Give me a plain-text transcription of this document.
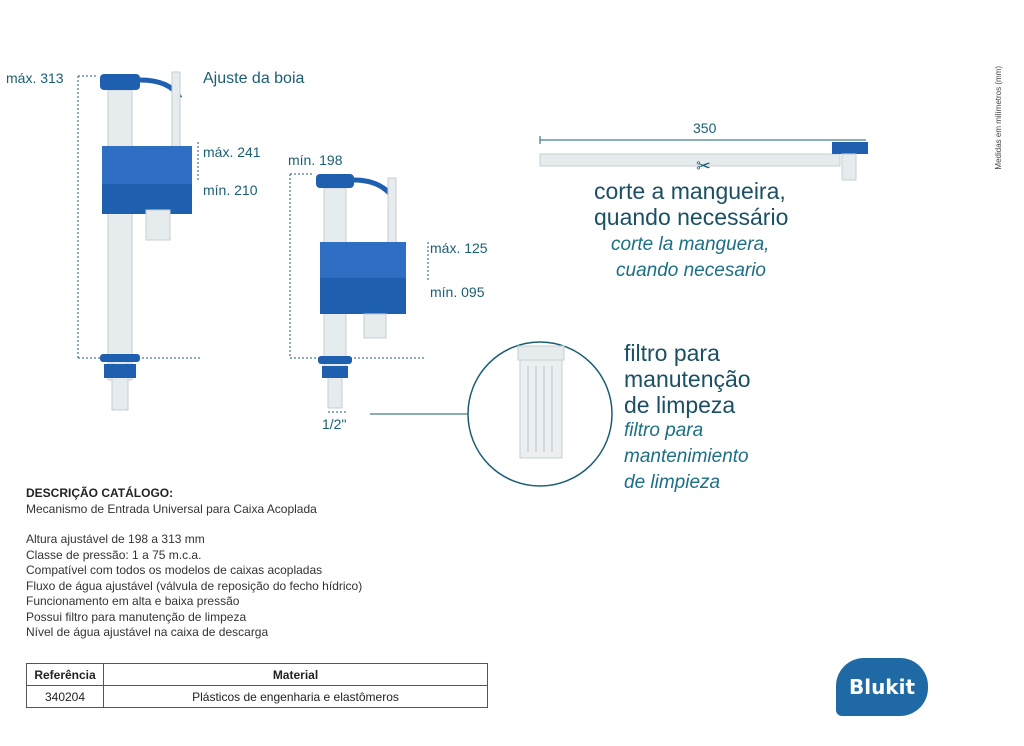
Medidas em milímetros (mm)
máx. 313	Ajuste da boia
máx. 241
mín. 210
mín. 198
máx. 125
mín. 095
1/2"
350
✂
corte a mangueira,
quando necessário
corte la manguera,
cuando necesario
filtro para
manutenção
de limpeza
filtro para
mantenimiento
de limpieza
DESCRIÇÃO CATÁLOGO:
Mecanismo de Entrada Universal para Caixa Acoplada
Altura ajustável de 198 a 313 mm
Classe de pressão: 1 a 75 m.c.a.
Compatível com todos os modelos de caixas acopladas
Fluxo de água ajustável (válvula de reposição do fecho hídrico)
Funcionamento em alta e baixa pressão
Possui filtro para manutenção de limpeza
Nível de água ajustável na caixa de descarga
Referência	Material
340204	Plásticos de engenharia e elastômeros	Blukit
